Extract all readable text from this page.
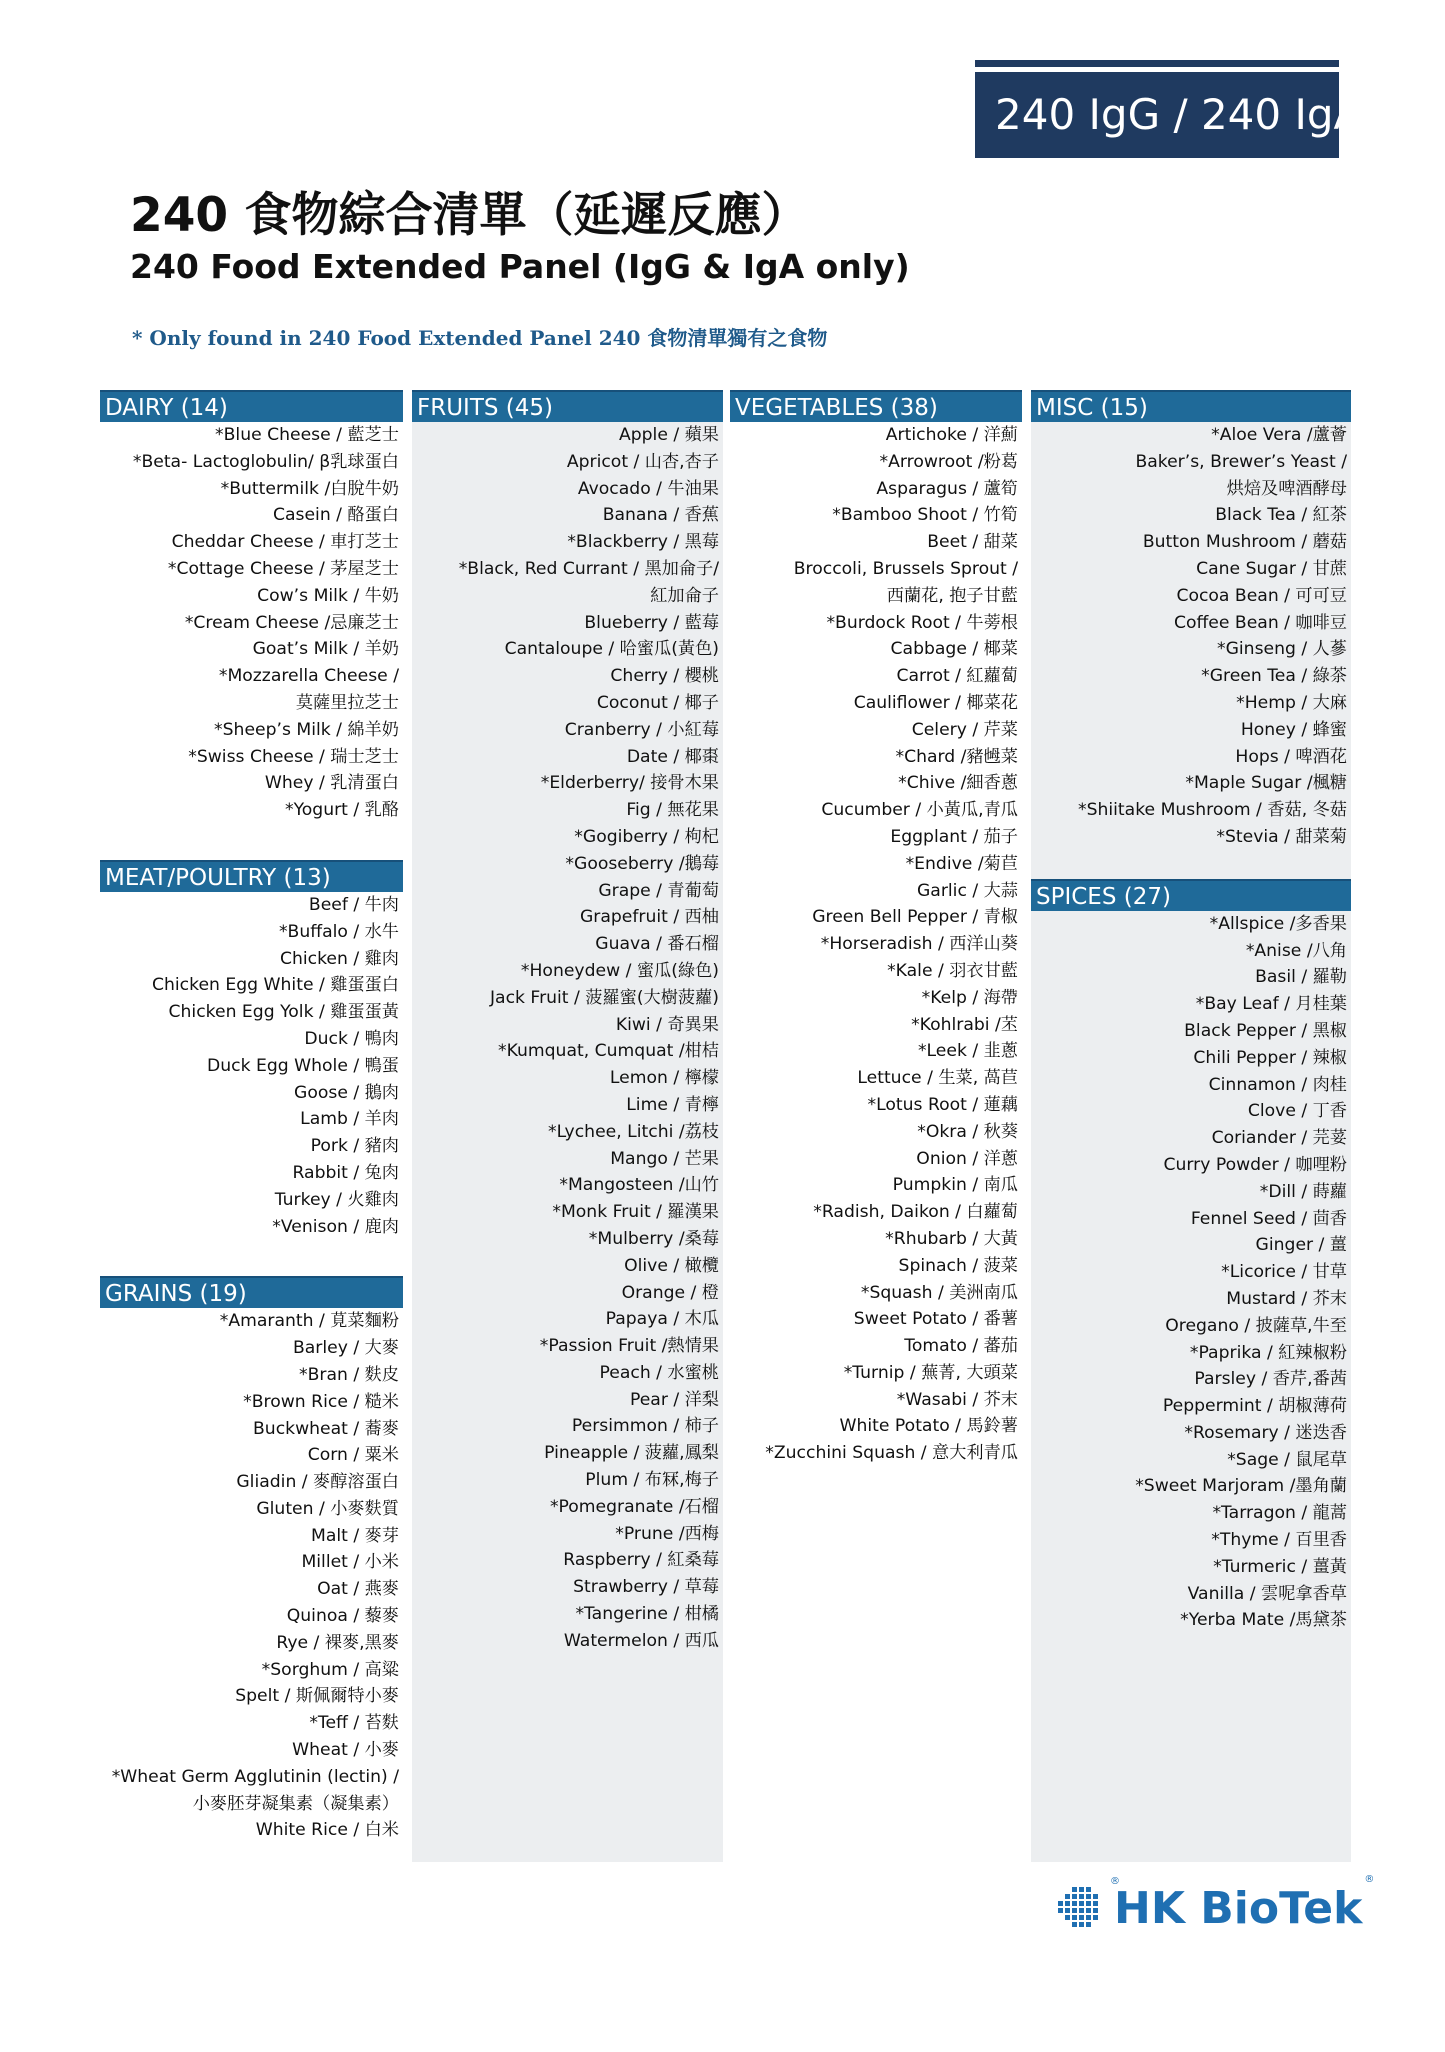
240 IgG / 240 IgA
240 食物綜合清單（延遲反應）
240 Food Extended Panel (IgG & IgA only)
* Only found in 240 Food Extended Panel 240 食物清單獨有之食物
DAIRY (14)
*Blue Cheese / 藍芝士
*Beta- Lactoglobulin/ β乳球蛋白
*Buttermilk /白脫牛奶
Casein / 酪蛋白
Cheddar Cheese / 車打芝士
*Cottage Cheese / 茅屋芝士
Cow’s Milk / 牛奶
*Cream Cheese /忌廉芝士
Goat’s Milk / 羊奶
*Mozzarella Cheese /
莫薩里拉芝士
*Sheep’s Milk / 綿羊奶
*Swiss Cheese / 瑞士芝士
Whey / 乳清蛋白
*Yogurt / 乳酪
MEAT/POULTRY (13)
Beef / 牛肉
*Buffalo / 水牛
Chicken / 雞肉
Chicken Egg White / 雞蛋蛋白
Chicken Egg Yolk / 雞蛋蛋黃
Duck / 鴨肉
Duck Egg Whole / 鴨蛋
Goose / 鵝肉
Lamb / 羊肉
Pork / 豬肉
Rabbit / 兔肉
Turkey / 火雞肉
*Venison / 鹿肉
GRAINS (19)
*Amaranth / 莧菜麵粉
Barley / 大麥
*Bran / 麩皮
*Brown Rice / 糙米
Buckwheat / 蕎麥
Corn / 粟米
Gliadin / 麥醇溶蛋白
Gluten / 小麥麩質
Malt / 麥芽
Millet / 小米
Oat / 燕麥
Quinoa / 藜麥
Rye / 裸麥,黑麥
*Sorghum / 高粱
Spelt / 斯佩爾特小麥
*Teff / 苔麩
Wheat / 小麥
*Wheat Germ Agglutinin (lectin) /
小麥胚芽凝集素（凝集素）
White Rice / 白米
FRUITS (45)
Apple / 蘋果
Apricot / 山杏,杏子
Avocado / 牛油果
Banana / 香蕉
*Blackberry / 黑莓
*Black, Red Currant / 黑加侖子/
紅加侖子
Blueberry / 藍莓
Cantaloupe / 哈蜜瓜(黃色)
Cherry / 櫻桃
Coconut / 椰子
Cranberry / 小紅莓
Date / 椰棗
*Elderberry/ 接骨木果
Fig / 無花果
*Gogiberry / 枸杞
*Gooseberry /鵝莓
Grape / 青葡萄
Grapefruit / 西柚
Guava / 番石榴
*Honeydew / 蜜瓜(綠色)
Jack Fruit / 菠羅蜜(大樹菠蘿)
Kiwi / 奇異果
*Kumquat, Cumquat /柑桔
Lemon / 檸檬
Lime / 青檸
*Lychee, Litchi /荔枝
Mango / 芒果
*Mangosteen /山竹
*Monk Fruit / 羅漢果
*Mulberry /桑莓
Olive / 橄欖
Orange / 橙
Papaya / 木瓜
*Passion Fruit /熱情果
Peach / 水蜜桃
Pear / 洋梨
Persimmon / 柿子
Pineapple / 菠蘿,鳳梨
Plum / 布冧,梅子
*Pomegranate /石榴
*Prune /西梅
Raspberry / 紅桑莓
Strawberry / 草莓
*Tangerine / 柑橘
Watermelon / 西瓜
VEGETABLES (38)
Artichoke / 洋薊
*Arrowroot /粉葛
Asparagus / 蘆筍
*Bamboo Shoot / 竹筍
Beet / 甜菜
Broccoli, Brussels Sprout /
西蘭花, 抱子甘藍
*Burdock Root / 牛蒡根
Cabbage / 椰菜
Carrot / 紅蘿蔔
Cauliflower / 椰菜花
Celery / 芹菜
*Chard /豬乸菜
*Chive /細香蔥
Cucumber / 小黃瓜,青瓜
Eggplant / 茄子
*Endive /菊苣
Garlic / 大蒜
Green Bell Pepper / 青椒
*Horseradish / 西洋山葵
*Kale / 羽衣甘藍
*Kelp / 海帶
*Kohlrabi /苤
*Leek / 韭蔥
Lettuce / 生菜, 萵苣
*Lotus Root / 蓮藕
*Okra / 秋葵
Onion / 洋蔥
Pumpkin / 南瓜
*Radish, Daikon / 白蘿蔔
*Rhubarb / 大黃
Spinach / 菠菜
*Squash / 美洲南瓜
Sweet Potato / 番薯
Tomato / 蕃茄
*Turnip / 蕪菁, 大頭菜
*Wasabi / 芥末
White Potato / 馬鈴薯
*Zucchini Squash / 意大利青瓜
MISC (15)
*Aloe Vera /蘆薈
Baker’s, Brewer’s Yeast /
烘焙及啤酒酵母
Black Tea / 紅茶
Button Mushroom / 蘑菇
Cane Sugar / 甘蔗
Cocoa Bean / 可可豆
Coffee Bean / 咖啡豆
*Ginseng / 人蔘
*Green Tea / 綠茶
*Hemp / 大麻
Honey / 蜂蜜
Hops / 啤酒花
*Maple Sugar /楓糖
*Shiitake Mushroom / 香菇, 冬菇
*Stevia / 甜菜菊
SPICES (27)
*Allspice /多香果
*Anise /八角
Basil / 羅勒
*Bay Leaf / 月桂葉
Black Pepper / 黑椒
Chili Pepper / 辣椒
Cinnamon / 肉桂
Clove / 丁香
Coriander / 芫荽
Curry Powder / 咖哩粉
*Dill / 蒔蘿
Fennel Seed / 茴香
Ginger / 薑
*Licorice / 甘草
Mustard / 芥末
Oregano / 披薩草,牛至
*Paprika / 紅辣椒粉
Parsley / 香芹,番茜
Peppermint / 胡椒薄荷
*Rosemary / 迷迭香
*Sage / 鼠尾草
*Sweet Marjoram /墨角蘭
*Tarragon / 龍蒿
*Thyme / 百里香
*Turmeric / 薑黃
Vanilla / 雲呢拿香草
*Yerba Mate /馬黛茶
®
HK BioTek
®
